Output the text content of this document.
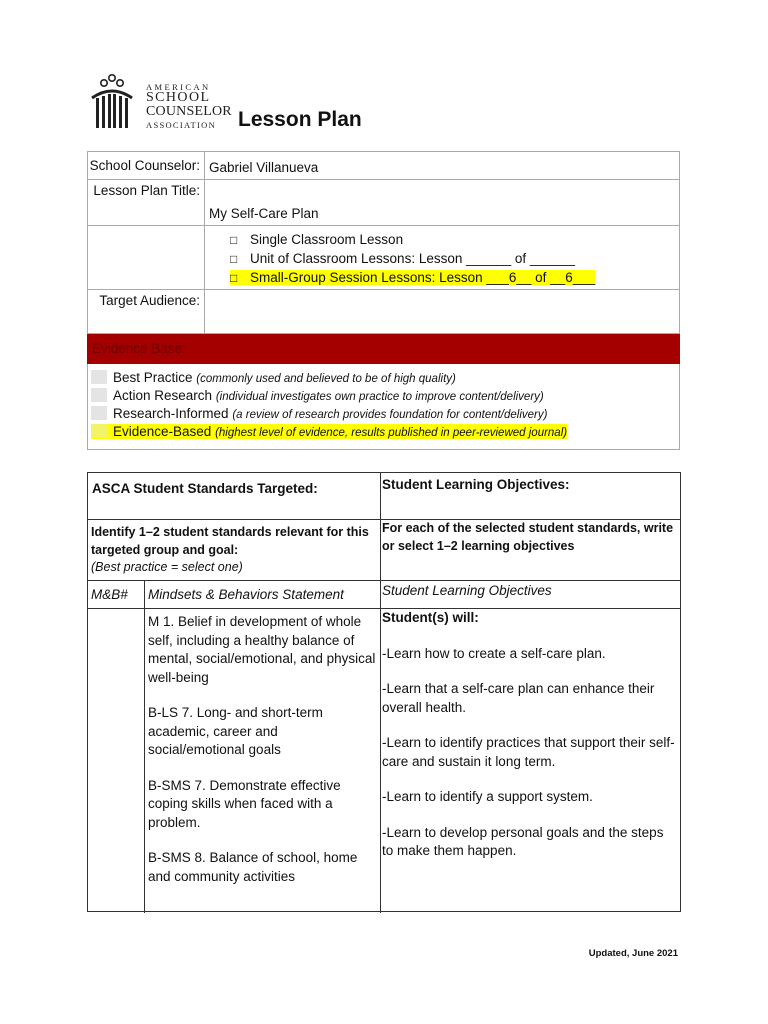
AMERICAN
SCHOOL
COUNSELOR
ASSOCIATION Lesson Plan
School Counselor: Gabriel Villanueva
Lesson Plan Title:
My Self-Care Plan
□ Single Classroom Lesson
□ Unit of Classroom Lessons: Lesson ______ of ______
□ Small-Group Session Lessons: Lesson ___6__ of __6___
Target Audience:
Evidence Base:
Best Practice (commonly used and believed to be of high quality)
Action Research (individual investigates own practice to improve content/delivery)
Research-Informed (a review of research provides foundation for content/delivery)
Evidence-Based (highest level of evidence, results published in peer-reviewed journal)
ASCA Student Standards Targeted:	Student Learning Objectives:
Identify 1–2 student standards relevant for this targeted group and goal:
(Best practice = select one)
For each of the selected student standards, write or select 1–2 learning objectives
M&B# Mindsets & Behaviors Statement	Student Learning Objectives

M 1. Belief in development of whole self, including a healthy balance of mental, social/emotional, and physical well-being

B-LS 7. Long- and short-term academic, career and social/emotional goals

B-SMS 7. Demonstrate effective coping skills when faced with a problem.

B-SMS 8. Balance of school, home and community activities

Student(s) will:

-Learn how to create a self-care plan.

-Learn that a self-care plan can enhance their overall health.

-Learn to identify practices that support their self-care and sustain it long term.

-Learn to identify a support system.

-Learn to develop personal goals and the steps to make them happen.

Updated, June 2021
